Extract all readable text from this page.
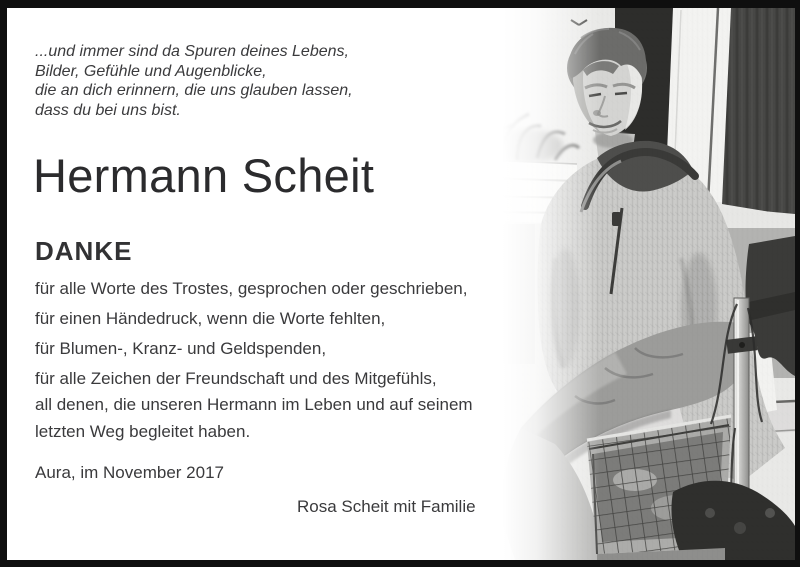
...und immer sind da Spuren deines Lebens,
Bilder, Gefühle und Augenblicke,
die an dich erinnern, die uns glauben lassen,
dass du bei uns bist.
Hermann Scheit
DANKE
für alle Worte des Trostes, gesprochen oder geschrieben,
für einen Händedruck, wenn die Worte fehlten,
für Blumen-, Kranz- und Geldspenden,
für alle Zeichen der Freundschaft und des Mitgefühls,
all denen, die unseren Hermann im Leben und auf seinem
letzten Weg begleitet haben.
Aura, im November 2017
Rosa Scheit mit Familie
